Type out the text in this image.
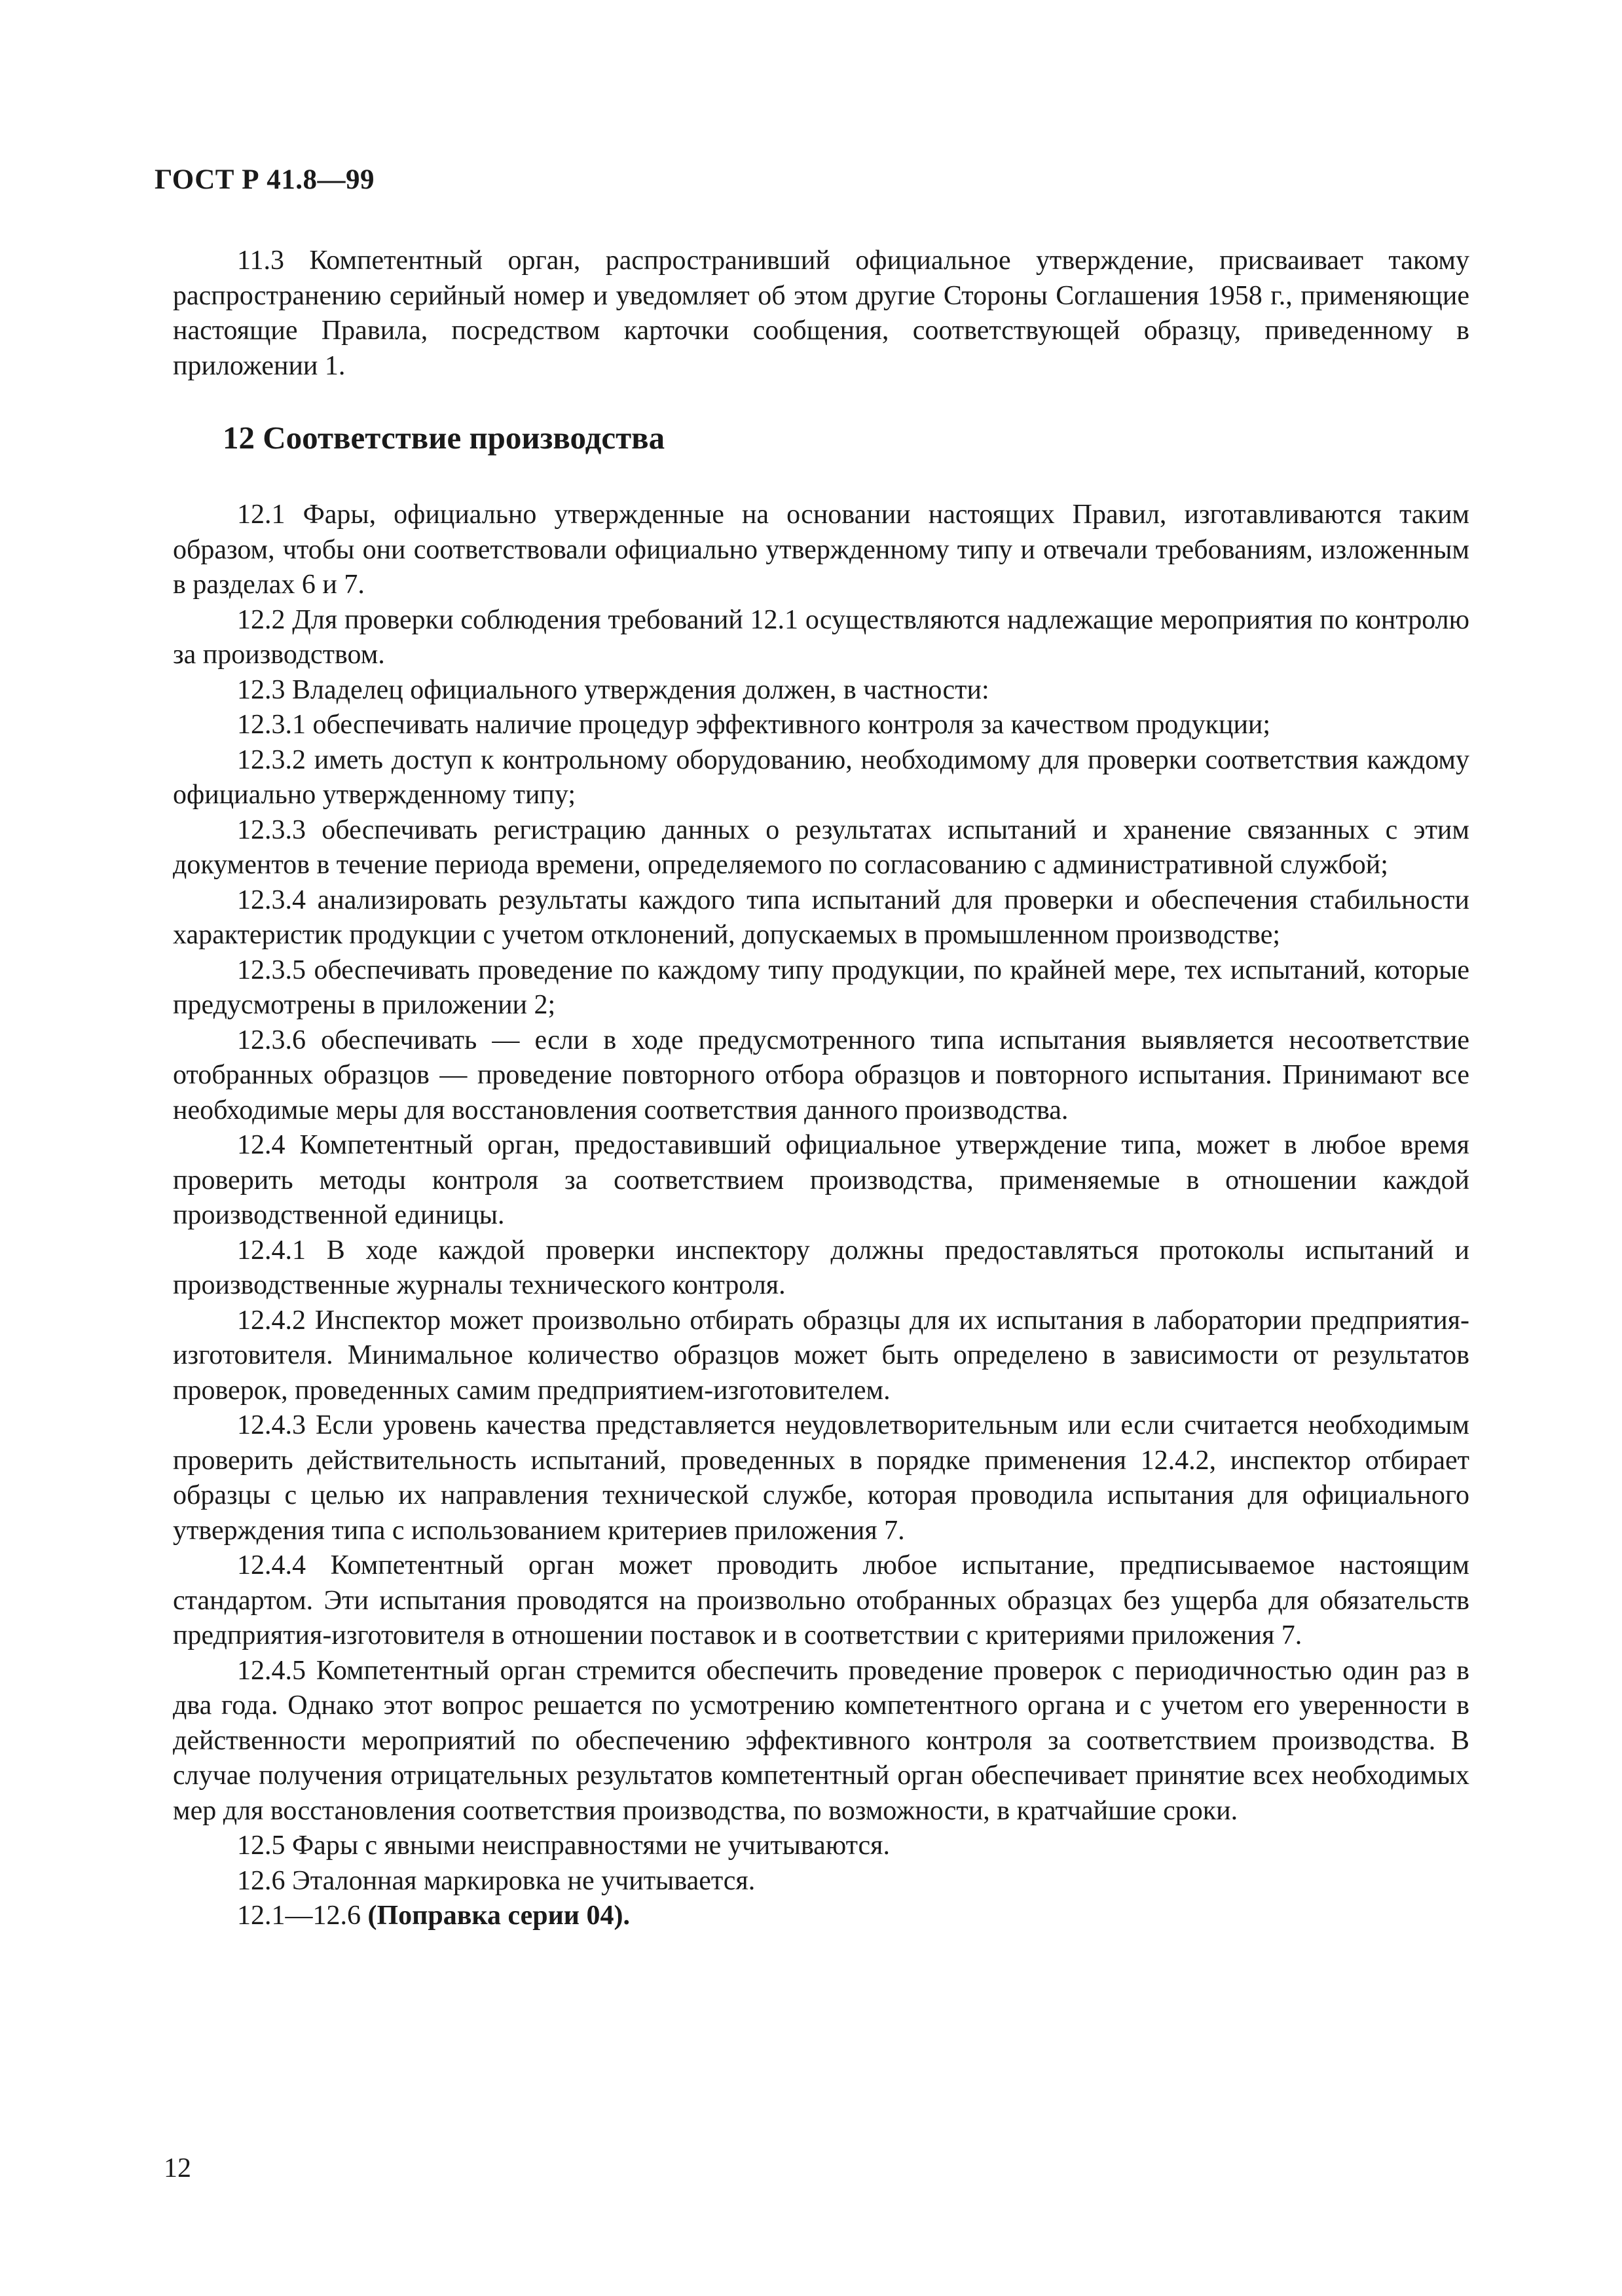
ГОСТ Р 41.8—99

11.3 Компетентный орган, распространивший официальное утверждение, присваивает такому распространению серийный номер и уведомляет об этом другие Стороны Соглашения 1958 г., применяющие настоящие Правила, посредством карточки сообщения, соответствующей образцу, приведенному в приложении 1.

12 Соответствие производства

12.1 Фары, официально утвержденные на основании настоящих Правил, изготавливаются таким образом, чтобы они соответствовали официально утвержденному типу и отвечали требованиям, изложенным в разделах 6 и 7.

12.2 Для проверки соблюдения требований 12.1 осуществляются надлежащие мероприятия по контролю за производством.

12.3 Владелец официального утверждения должен, в частности:

12.3.1 обеспечивать наличие процедур эффективного контроля за качеством продукции;

12.3.2 иметь доступ к контрольному оборудованию, необходимому для проверки соответствия каждому официально утвержденному типу;

12.3.3 обеспечивать регистрацию данных о результатах испытаний и хранение связанных с этим документов в течение периода времени, определяемого по согласованию с административной службой;

12.3.4 анализировать результаты каждого типа испытаний для проверки и обеспечения стабильности характеристик продукции с учетом отклонений, допускаемых в промышленном производстве;

12.3.5 обеспечивать проведение по каждому типу продукции, по крайней мере, тех испытаний, которые предусмотрены в приложении 2;

12.3.6 обеспечивать — если в ходе предусмотренного типа испытания выявляется несоответствие отобранных образцов — проведение повторного отбора образцов и повторного испытания. Принимают все необходимые меры для восстановления соответствия данного производства.

12.4 Компетентный орган, предоставивший официальное утверждение типа, может в любое время проверить методы контроля за соответствием производства, применяемые в отношении каждой производственной единицы.

12.4.1 В ходе каждой проверки инспектору должны предоставляться протоколы испытаний и производственные журналы технического контроля.

12.4.2 Инспектор может произвольно отбирать образцы для их испытания в лаборатории предприятия-изготовителя. Минимальное количество образцов может быть определено в зависимости от результатов проверок, проведенных самим предприятием-изготовителем.

12.4.3 Если уровень качества представляется неудовлетворительным или если считается необходимым проверить действительность испытаний, проведенных в порядке применения 12.4.2, инспектор отбирает образцы с целью их направления технической службе, которая проводила испытания для официального утверждения типа с использованием критериев приложения 7.

12.4.4 Компетентный орган может проводить любое испытание, предписываемое настоящим стандартом. Эти испытания проводятся на произвольно отобранных образцах без ущерба для обязательств предприятия-изготовителя в отношении поставок и в соответствии с критериями приложения 7.

12.4.5 Компетентный орган стремится обеспечить проведение проверок с периодичностью один раз в два года. Однако этот вопрос решается по усмотрению компетентного органа и с учетом его уверенности в действенности мероприятий по обеспечению эффективного контроля за соответствием производства. В случае получения отрицательных результатов компетентный орган обеспечивает принятие всех необходимых мер для восстановления соответствия производства, по возможности, в кратчайшие сроки.

12.5 Фары с явными неисправностями не учитываются.

12.6 Эталонная маркировка не учитывается.

12.1—12.6 (Поправка серии 04).

12
